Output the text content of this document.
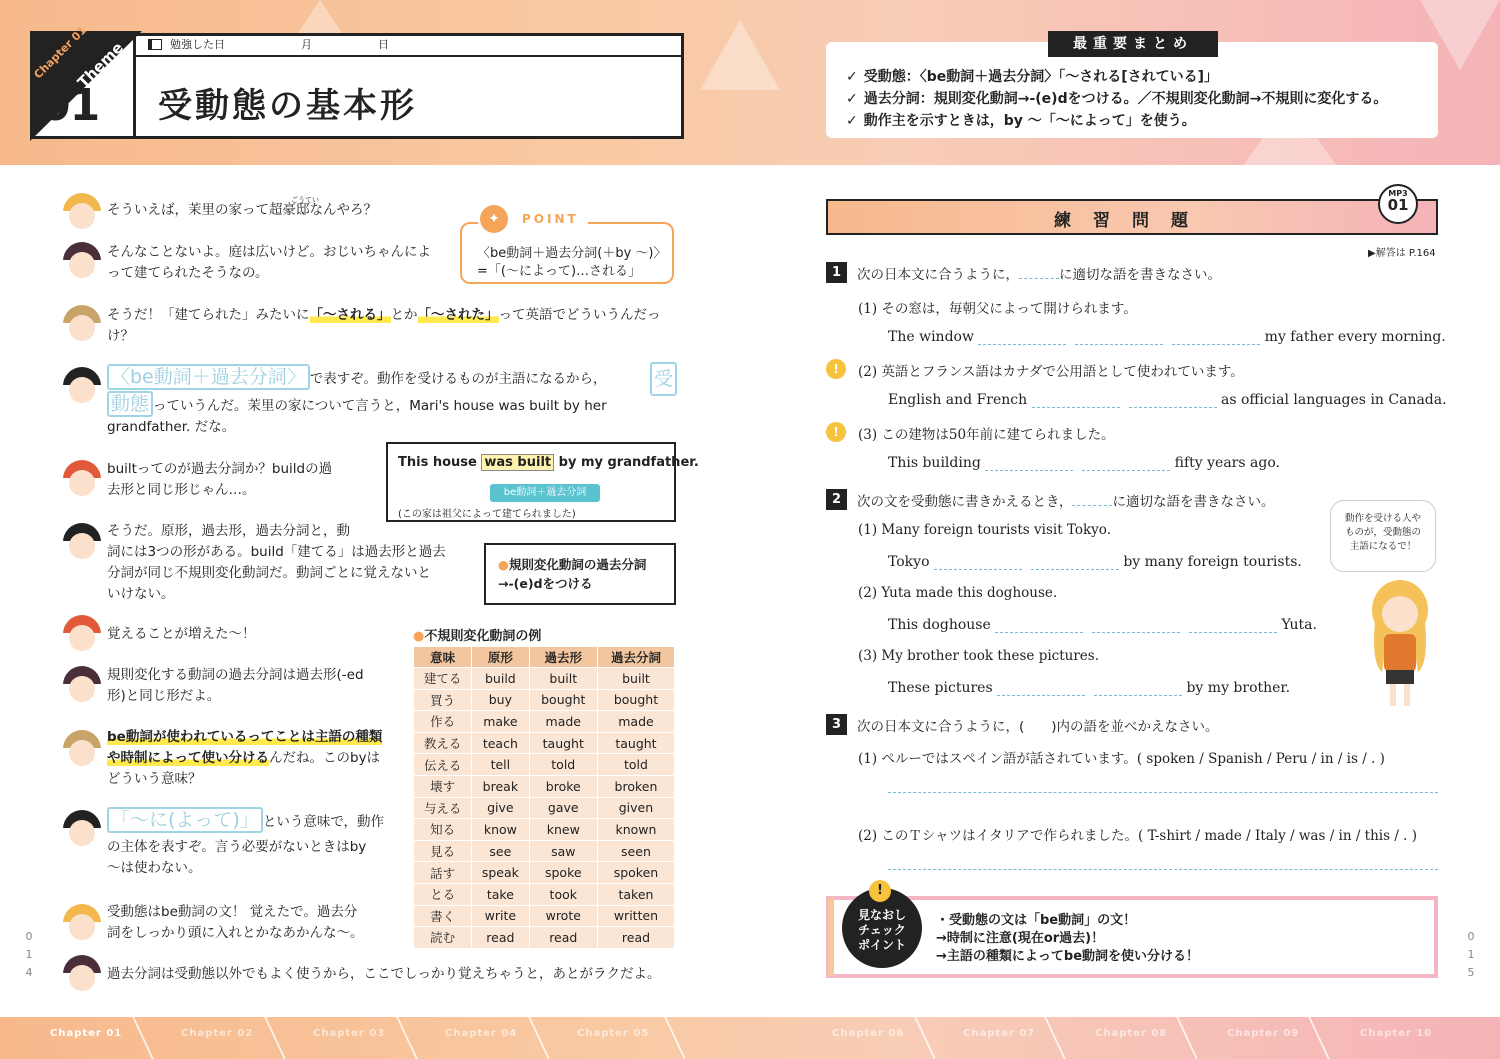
Chapter 01
Theme
01
勉強した日	月	日
受動態の基本形
最重要まとめ
✓ 受動態：〈be動詞＋過去分詞〉「～される[されている]」
✓ 過去分詞：規則変化動詞→-(e)dをつける。／不規則変化動詞→不規則に変化する。
✓ 動作主を示すときは，by ～「～によって」を使う。
そういえば，茉里の家って超豪邸なんやろ？
ごうてい
そんなことないよ。庭は広いけど。おじいちゃんによ
って建てられたそうなの。
そうだ！「建てられた」みたいに「～される」とか「～された」って英語でどういうんだっ
け？
〈be動詞＋過去分詞〉 で表すぞ。動作を受けるものが主語になるから， 受
動態 っていうんだ。茉里の家について言うと，Mari's house was built by her
grandfather. だな。
builtってのが過去分詞か？buildの過
去形と同じ形じゃん…。
This house was built by my grandfather.
be動詞＋過去分詞
(この家は祖父によって建てられました)
そうだ。原形，過去形，過去分詞と，動
詞には3つの形がある。build「建てる」は過去形と過去
分詞が同じ不規則変化動詞だ。動詞ごとに覚えないと
いけない。
●規則変化動詞の過去分詞
→-(e)dをつける
覚えることが増えた～！
規則変化する動詞の過去分詞は過去形(-ed
形)と同じ形だよ。
be動詞が使われているってことは主語の種類
や時制によって使い分けるんだね。このbyは
どういう意味？
「～に(よって)」 という意味で，動作
の主体を表すぞ。言う必要がないときはby
～は使わない。
受動態はbe動詞の文！ 覚えたで。過去分
詞をしっかり頭に入れとかなあかんな～。
過去分詞は受動態以外でもよく使うから，ここでしっかり覚えちゃうと，あとがラクだよ。
✦	POINT
〈be動詞＋過去分詞(＋by ～)〉
=「(～によって)…される」
●不規則変化動詞の例
意味	原形	過去形	過去分詞
建てる	build	built	built
買う	buy	bought	bought
作る	make	made	made
教える	teach	taught	taught
伝える	tell	told	told
壊す	break	broke	broken
与える	give	gave	given
知る	know	knew	known
見る	see	saw	seen
話す	speak	spoke	spoken
とる	take	took	taken
書く	write	wrote	written
読む	read	read	read
練習問題
MP3
01
▶解答は P.164
1	次の日本文に合うように，	に適切な語を書きなさい。
(1) その窓は，毎朝父によって開けられます。
The window	my father every morning.
!	(2) 英語とフランス語はカナダで公用語として使われています。
English and French	as official languages in Canada.
!	(3) この建物は50年前に建てられました。
This building	fifty years ago.
2	次の文を受動態に書きかえるとき，	に適切な語を書きなさい。
(1) Many foreign tourists visit Tokyo.
Tokyo	by many foreign tourists.
(2) Yuta made this doghouse.
This doghouse	Yuta.
(3) My brother took these pictures.
These pictures	by my brother.
動作を受ける人や
ものが，受動態の
主語になるで！
3	次の日本文に合うように，(　　)内の語を並べかえなさい。
(1) ペルーではスペイン語が話されています。( spoken / Spanish / Peru / in / is / . )
(2) このＴシャツはイタリアで作られました。( T-shirt / made / Italy / was / in / this / . )
見なおし
チェック
ポイント
!
・受動態の文は「be動詞」の文！
→時制に注意(現在or過去)！
→主語の種類によってbe動詞を使い分ける！
0
1
4
0
1
5
Chapter 01	Chapter 02	Chapter 03	Chapter 04	Chapter 05	Chapter 06	Chapter 07	Chapter 08	Chapter 09	Chapter 10
